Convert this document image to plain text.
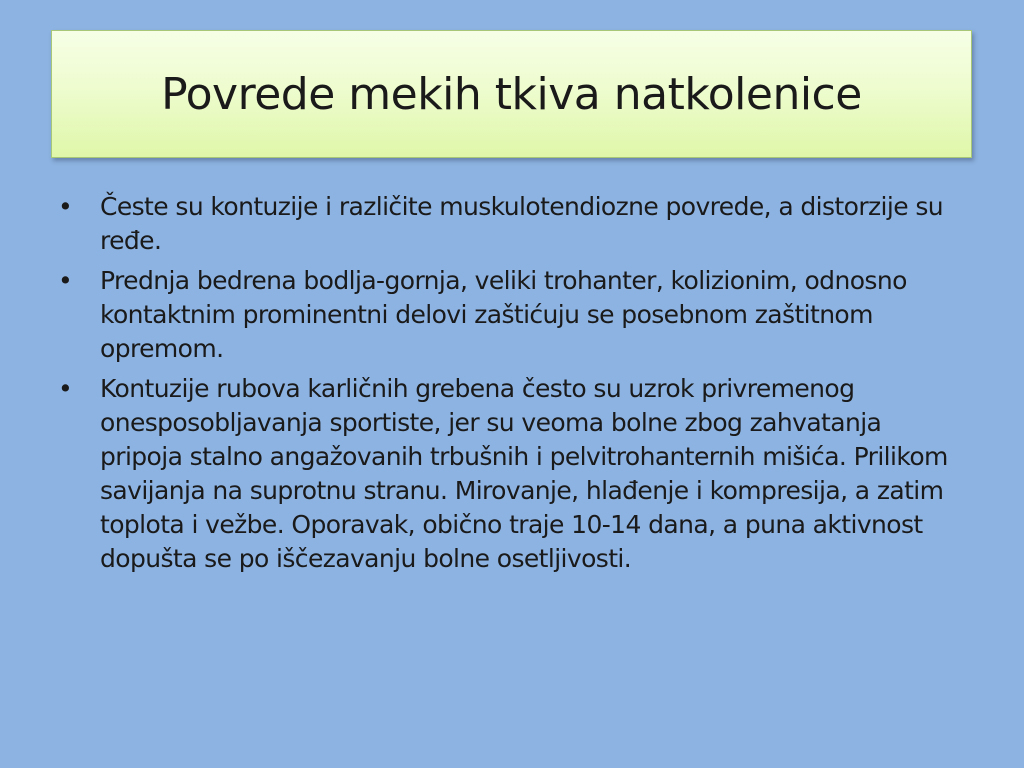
Povrede mekih tkiva natkolenice
• Česte su kontuzije i različite muskulotendiozne povrede, a distorzije su ređe.
• Prednja bedrena bodlja-gornja, veliki trohanter, kolizionim, odnosno kontaktnim prominentni delovi zaštićuju se posebnom zaštitnom opremom.
• Kontuzije rubova karličnih grebena često su uzrok privremenog onesposobljavanja sportiste, jer su veoma bolne zbog zahvatanja pripoja stalno angažovanih trbušnih i pelvitrohanternih mišića. Prilikom savijanja na suprotnu stranu. Mirovanje, hlađenje i kompresija, a zatim toplota i vežbe. Oporavak, obično traje 10-14 dana, a puna aktivnost dopušta se po iščezavanju bolne osetljivosti.
